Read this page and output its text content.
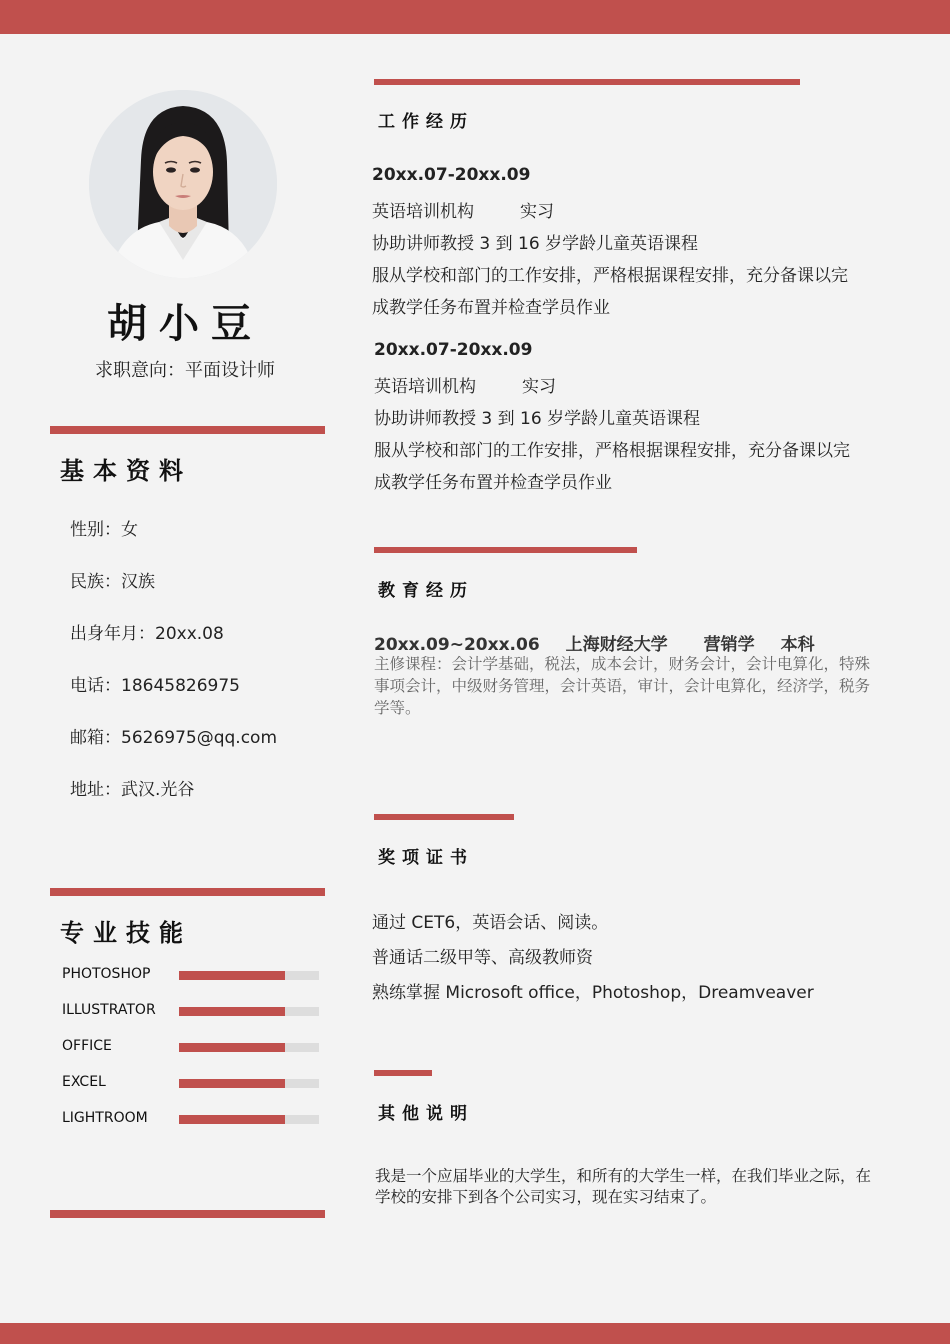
胡小豆
求职意向：平面设计师
基本资料
性别：女
民族：汉族
出身年月：20xx.08
电话：18645826975
邮箱：5626975@qq.com
地址：武汉.光谷
专业技能
PHOTOSHOP
ILLUSTRATOR
OFFICE
EXCEL
LIGHTROOM
工作经历
20xx.07-20xx.09
英语培训机构	实习
协助讲师教授 3 到 16 岁学龄儿童英语课程
服从学校和部门的工作安排，严格根据课程安排，充分备课以完
成教学任务布置并检查学员作业
20xx.07-20xx.09
英语培训机构	实习
协助讲师教授 3 到 16 岁学龄儿童英语课程
服从学校和部门的工作安排，严格根据课程安排，充分备课以完
成教学任务布置并检查学员作业
教育经历
20xx.09~20xx.06 上海财经大学 营销学 本科
主修课程：会计学基础，税法，成本会计，财务会计，会计电算化，特殊事项会计，中级财务管理，会计英语，审计，会计电算化，经济学，税务学等。
奖项证书
通过 CET6，英语会话、阅读。
普通话二级甲等、高级教师资
熟练掌握 Microsoft office，Photoshop，Dreamveaver
其他说明
我是一个应届毕业的大学生，和所有的大学生一样，在我们毕业之际，在学校的安排下到各个公司实习，现在实习结束了。
